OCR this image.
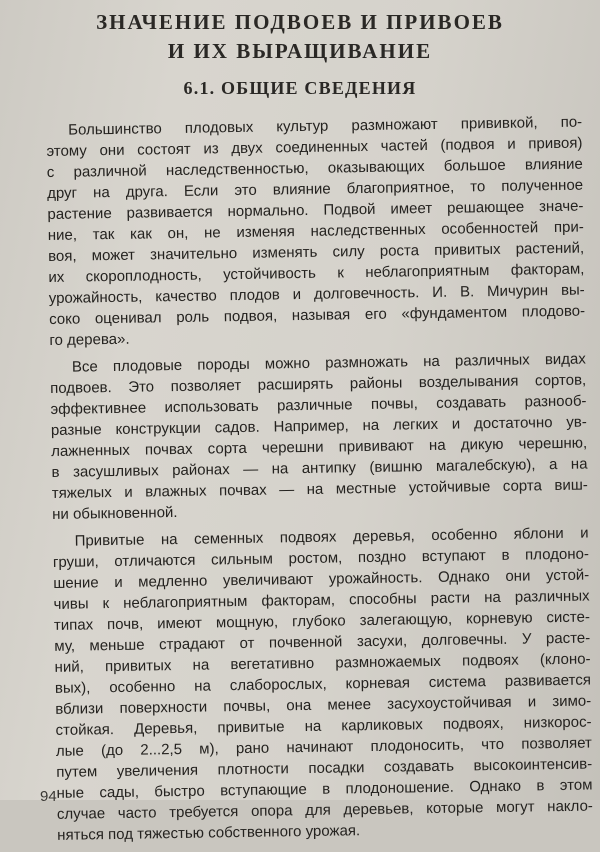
ЗНАЧЕНИЕ ПОДВОЕВ И ПРИВОЕВ
И ИХ ВЫРАЩИВАНИЕ
6.1. ОБЩИЕ СВЕДЕНИЯ
Большинство плодовых культур размножают прививкой, по-
этому они состоят из двух соединенных частей (подвоя и привоя)
с различной наследственностью, оказывающих большое влияние
друг на друга. Если это влияние благоприятное, то полученное
растение развивается нормально. Подвой имеет решающее значе-
ние, так как он, не изменяя наследственных особенностей при-
воя, может значительно изменять силу роста привитых растений,
их скороплодность, устойчивость к неблагоприятным факторам,
урожайность, качество плодов и долговечность. И. В. Мичурин вы-
соко оценивал роль подвоя, называя его «фундаментом плодово-
го дерева».
Все плодовые породы можно размножать на различных видах
подвоев. Это позволяет расширять районы возделывания сортов,
эффективнее использовать различные почвы, создавать разнооб-
разные конструкции садов. Например, на легких и достаточно ув-
лажненных почвах сорта черешни прививают на дикую черешню,
в засушливых районах — на антипку (вишню магалебскую), а на
тяжелых и влажных почвах — на местные устойчивые сорта виш-
ни обыкновенной.
Привитые на семенных подвоях деревья, особенно яблони и
груши, отличаются сильным ростом, поздно вступают в плодоно-
шение и медленно увеличивают урожайность. Однако они устой-
чивы к неблагоприятным факторам, способны расти на различных
типах почв, имеют мощную, глубоко залегающую, корневую систе-
му, меньше страдают от почвенной засухи, долговечны. У расте-
ний, привитых на вегетативно размножаемых подвоях (клоно-
вых), особенно на слаборослых, корневая система развивается
вблизи поверхности почвы, она менее засухоустойчивая и зимо-
стойкая. Деревья, привитые на карликовых подвоях, низкорос-
лые (до 2...2,5 м), рано начинают плодоносить, что позволяет
путем увеличения плотности посадки создавать высокоинтенсив-
ные сады, быстро вступающие в плодоношение. Однако в этом
случае часто требуется опора для деревьев, которые могут накло-
няться под тяжестью собственного урожая.
94
